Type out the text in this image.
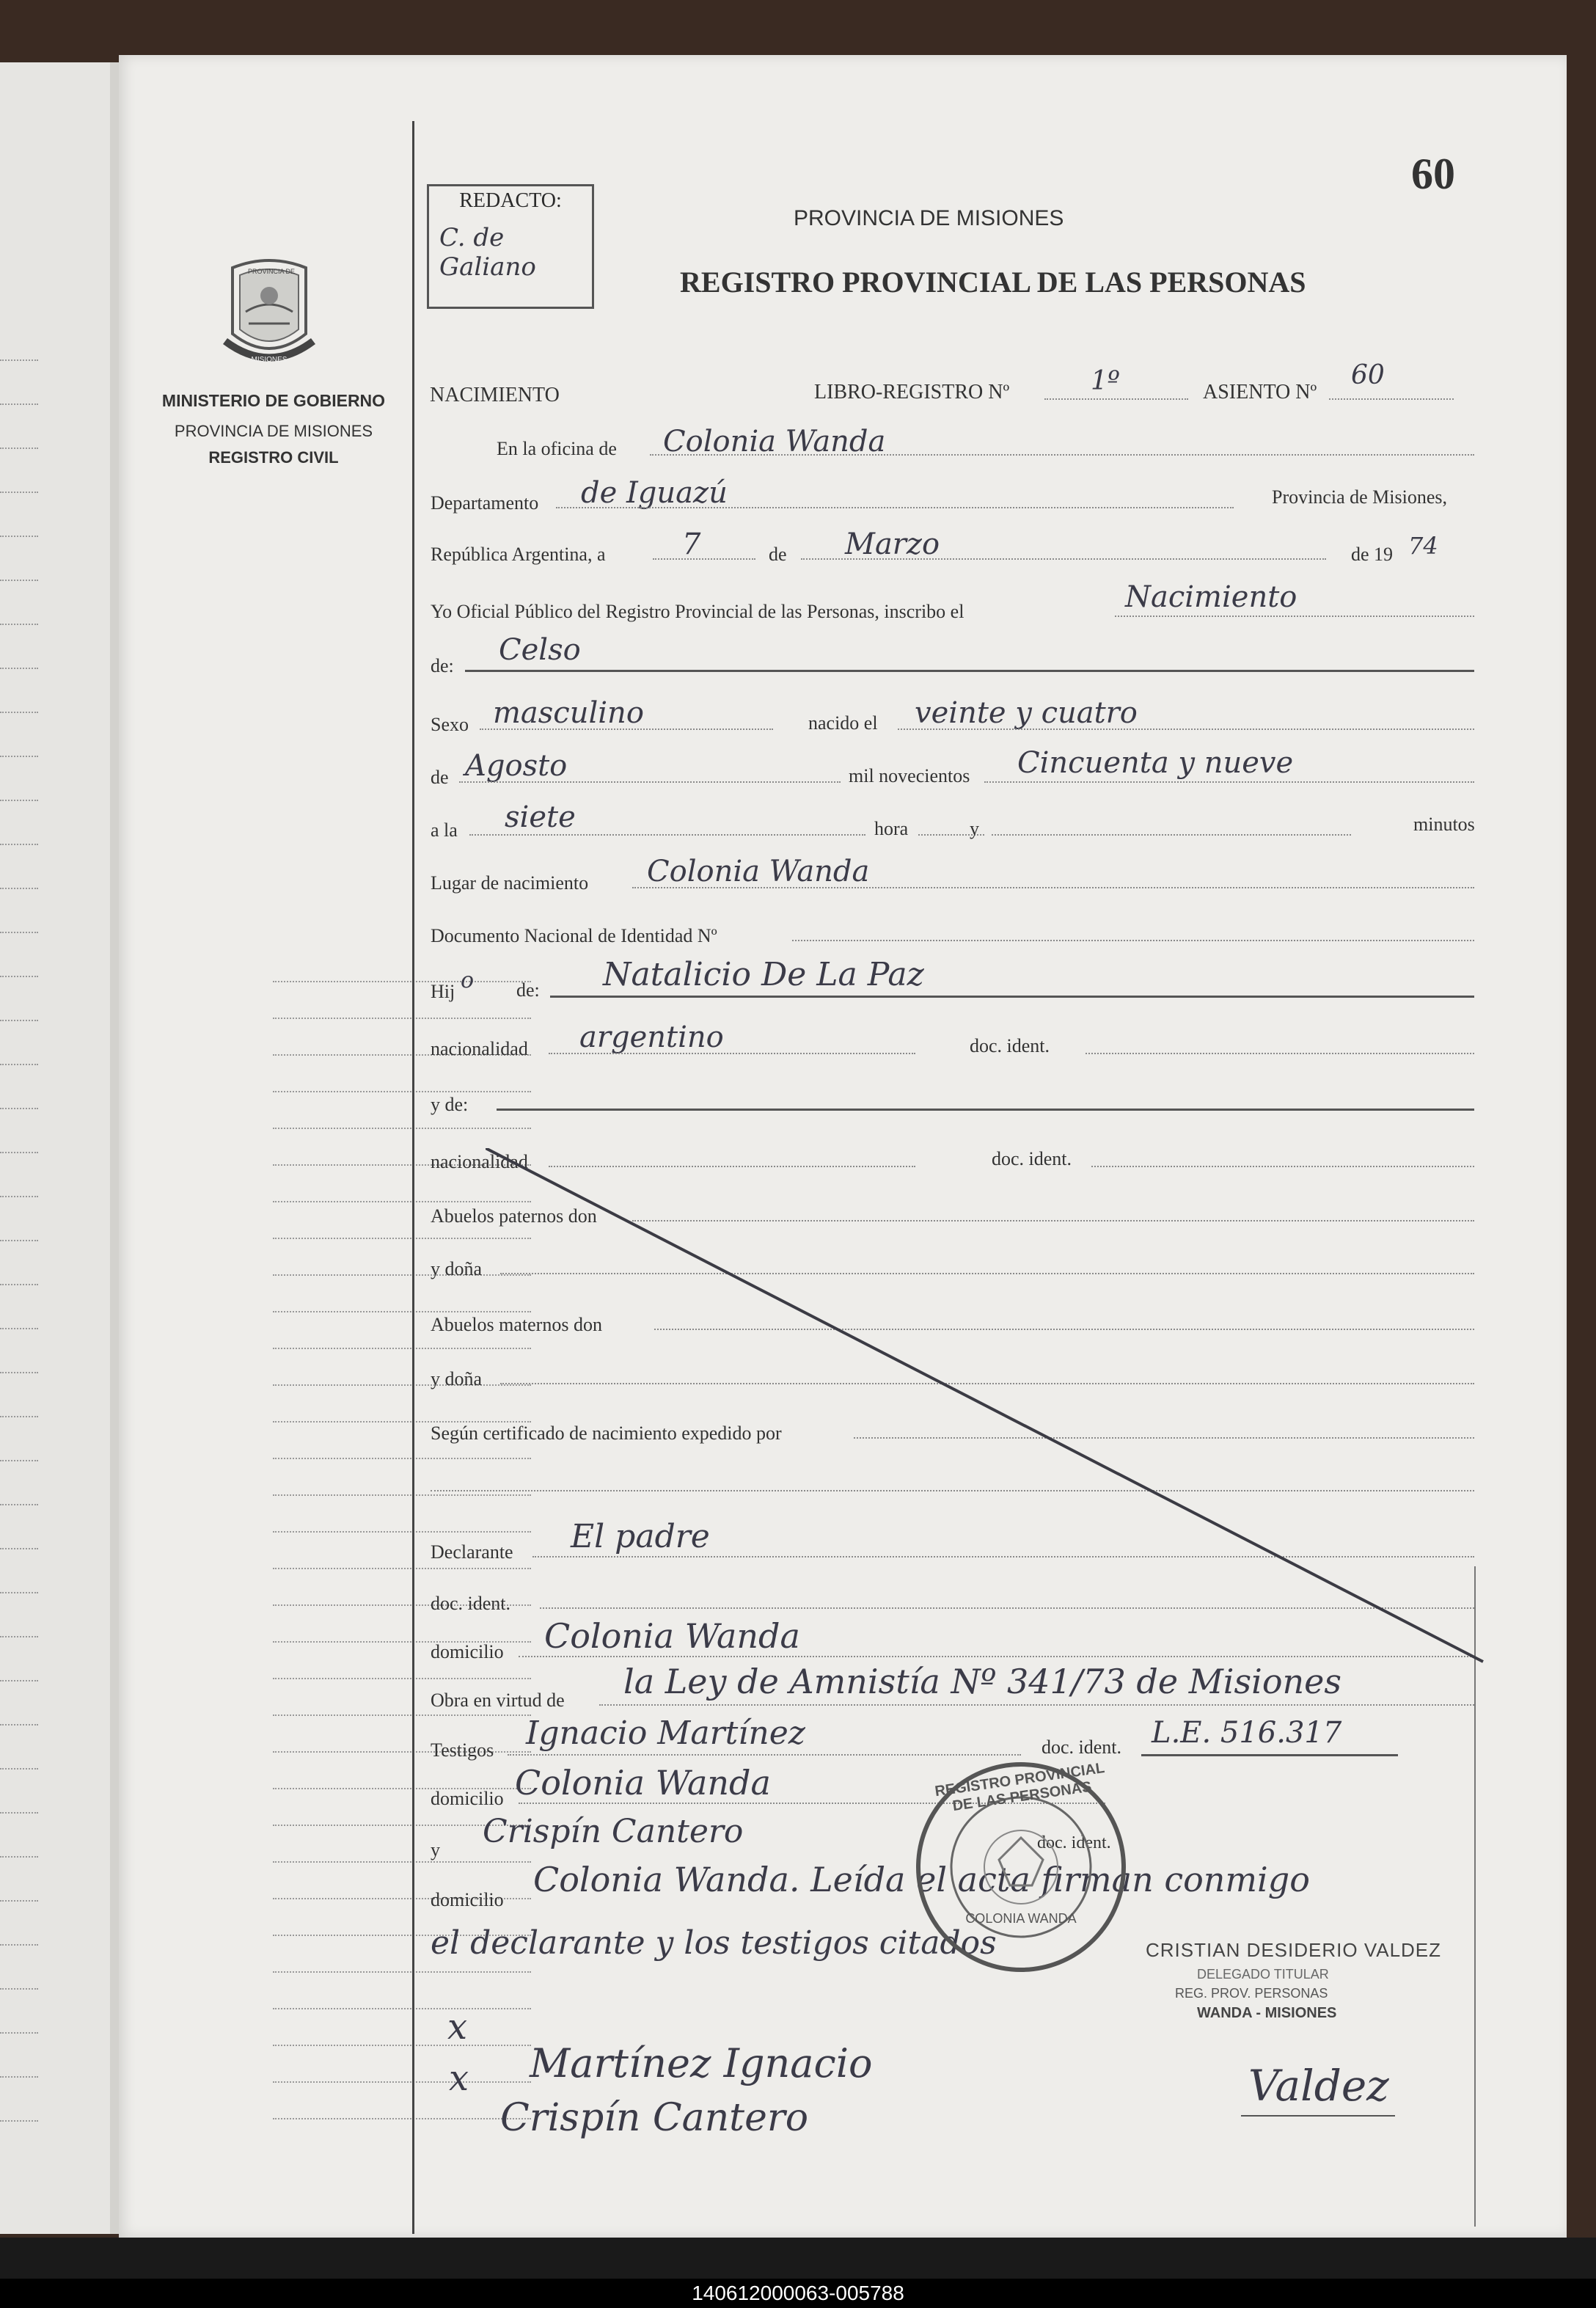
PROVINCIA DE
MISIONES
MINISTERIO DE GOBIERNO
PROVINCIA DE MISIONES
REGISTRO CIVIL
REDACTO:
C. de Galiano
60
PROVINCIA DE MISIONES
REGISTRO PROVINCIAL DE LAS PERSONAS
NACIMIENTO	LIBRO-REGISTRO Nº	1º	ASIENTO Nº
60
En la oficina de Colonia Wanda
Departamento de Iguazú	Provincia de Misiones,
República Argentina, a	7	de Marzo	de 19 74
Yo Oficial Público del Registro Provincial de las Personas, inscribo el	Nacimiento
de: Celso
Sexo masculino	nacido el veinte y cuatro
de Agosto	mil novecientos Cincuenta y nueve
a la siete	hora	y	minutos
Lugar de nacimiento Colonia Wanda
Documento Nacional de Identidad Nº
Hij o de: Natalicio De La Paz
nacionalidad argentino	doc. ident.
y de:
nacionalidad	doc. ident.
Abuelos paternos don
y doña
Abuelos maternos don
y doña
Según certificado de nacimiento expedido por
Declarante El padre
doc. ident.
domicilio Colonia Wanda
Obra en virtud de la Ley de Amnistía Nº 341/73 de Misiones
Testigos Ignacio Martínez	doc. ident. L.E. 516.317
domicilio Colonia Wanda
y Crispín Cantero	doc. ident.
domicilio
Colonia Wanda. Leída el acta firman conmigo
el declarante y los testigos citados
REGISTRO PROVINCIAL DE LAS PERSONAS
COLONIA WANDA
CRISTIAN DESIDERIO VALDEZ
DELEGADO TITULAR
REG. PROV. PERSONAS
WANDA - MISIONES
x
x Martínez Ignacio
Crispín Cantero
Valdez
140612000063-005788
